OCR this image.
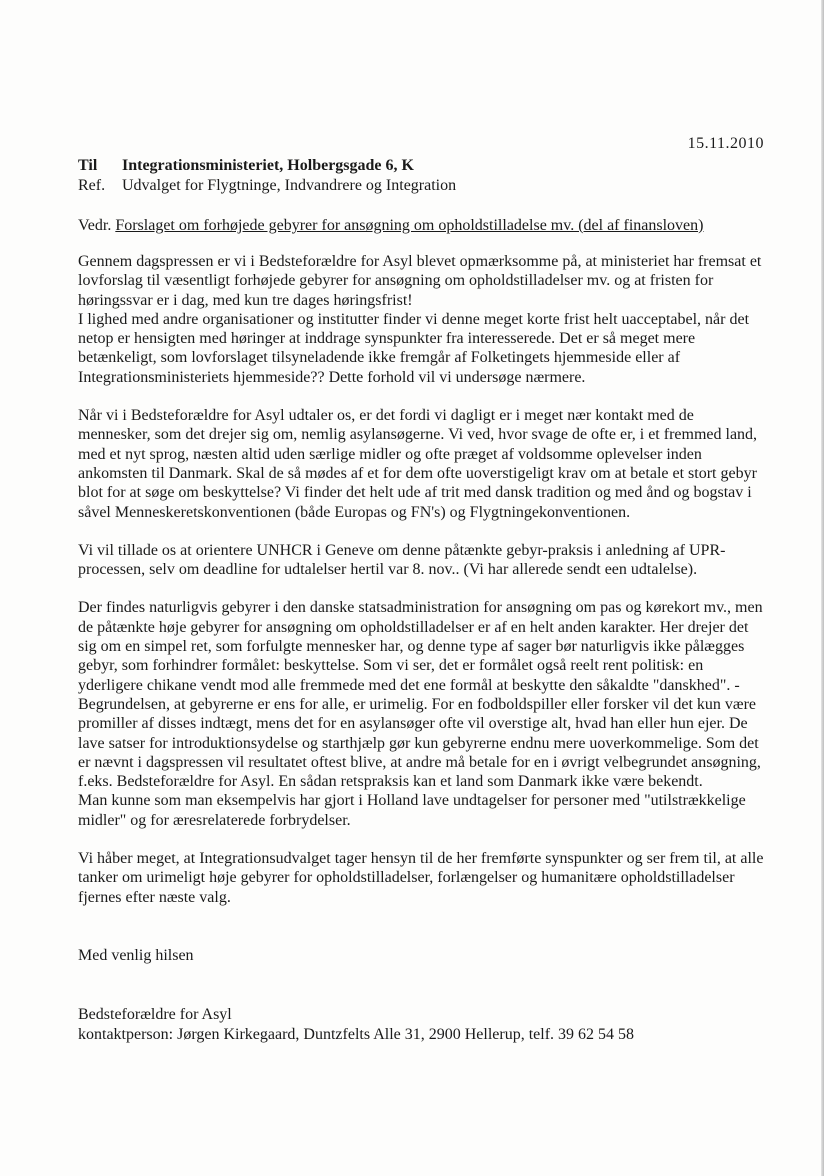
15.11.2010
Til	Integrationsministeriet, Holbergsgade 6, K
Ref.	Udvalget for Flygtninge, Indvandrere og Integration
Vedr. Forslaget om forhøjede gebyrer for ansøgning om opholdstilladelse mv. (del af finansloven)

Gennem dagspressen er vi i Bedsteforældre for Asyl blevet opmærksomme på, at ministeriet har fremsat et lovforslag til væsentligt forhøjede gebyrer for ansøgning om opholdstilladelser mv. og at fristen for høringssvar er i dag, med kun tre dages høringsfrist!

I lighed med andre organisationer og institutter finder vi denne meget korte frist helt uacceptabel, når det netop er hensigten med høringer at inddrage synspunkter fra interesserede. Det er så meget mere betænkeligt, som lovforslaget tilsyneladende ikke fremgår af Folketingets hjemmeside eller af Integrationsministeriets hjemmeside?? Dette forhold vil vi undersøge nærmere.

Når vi i Bedsteforældre for Asyl udtaler os, er det fordi vi dagligt er i meget nær kontakt med de mennesker, som det drejer sig om, nemlig asylansøgerne. Vi ved, hvor svage de ofte er, i et fremmed land, med et nyt sprog, næsten altid uden særlige midler og ofte præget af voldsomme oplevelser inden ankomsten til Danmark. Skal de så mødes af et for dem ofte uoverstigeligt krav om at betale et stort gebyr blot for at søge om beskyttelse? Vi finder det helt ude af trit med dansk tradition og med ånd og bogstav i såvel Menneskeretskonventionen (både Europas og FN's) og Flygtningekonventionen.

Vi vil tillade os at orientere UNHCR i Geneve om denne påtænkte gebyr-praksis i anledning af UPR-processen, selv om deadline for udtalelser hertil var 8. nov.. (Vi har allerede sendt een udtalelse).

Der findes naturligvis gebyrer i den danske statsadministration for ansøgning om pas og kørekort mv., men de påtænkte høje gebyrer for ansøgning om opholdstilladelser er af en helt anden karakter. Her drejer det sig om en simpel ret, som forfulgte mennesker har, og denne type af sager bør naturligvis ikke pålægges gebyr, som forhindrer formålet: beskyttelse. Som vi ser, det er formålet også reelt rent politisk: en yderligere chikane vendt mod alle fremmede med det ene formål at beskytte den såkaldte "danskhed". - Begrundelsen, at gebyrerne er ens for alle, er urimelig. For en fodboldspiller eller forsker vil det kun være promiller af disses indtægt, mens det for en asylansøger ofte vil overstige alt, hvad han eller hun ejer. De lave satser for introduktionsydelse og starthjælp gør kun gebyrerne endnu mere uoverkommelige. Som det er nævnt i dagspressen vil resultatet oftest blive, at andre må betale for en i øvrigt velbegrundet ansøgning, f.eks. Bedsteforældre for Asyl. En sådan retspraksis kan et land som Danmark ikke være bekendt.

Man kunne som man eksempelvis har gjort i Holland lave undtagelser for personer med "utilstrækkelige midler" og for æresrelaterede forbrydelser.

Vi håber meget, at Integrationsudvalget tager hensyn til de her fremførte synspunkter og ser frem til, at alle tanker om urimeligt høje gebyrer for opholdstilladelser, forlængelser og humanitære opholdstilladelser fjernes efter næste valg.

Med venlig hilsen
Bedsteforældre for Asyl
kontaktperson: Jørgen Kirkegaard, Duntzfelts Alle 31, 2900 Hellerup, telf. 39 62 54 58
